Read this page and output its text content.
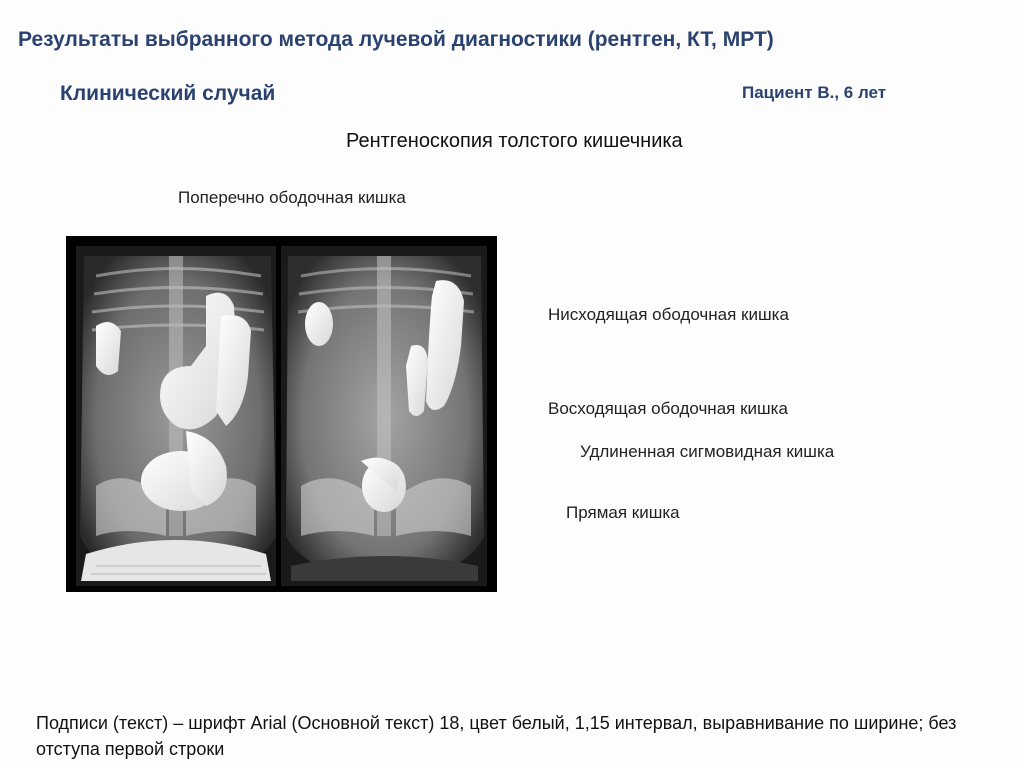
Результаты выбранного метода лучевой диагностики (рентген, КТ, МРТ)
Клинический случай	Пациент В., 6 лет
Рентгеноскопия толстого кишечника
Поперечно ободочная кишка
Нисходящая ободочная кишка
Восходящая ободочная кишка
Удлиненная сигмовидная кишка
Прямая кишка
Подписи (текст) – шрифт Arial (Основной текст) 18, цвет белый, 1,15 интервал, выравнивание по ширине; без отступа первой строки
